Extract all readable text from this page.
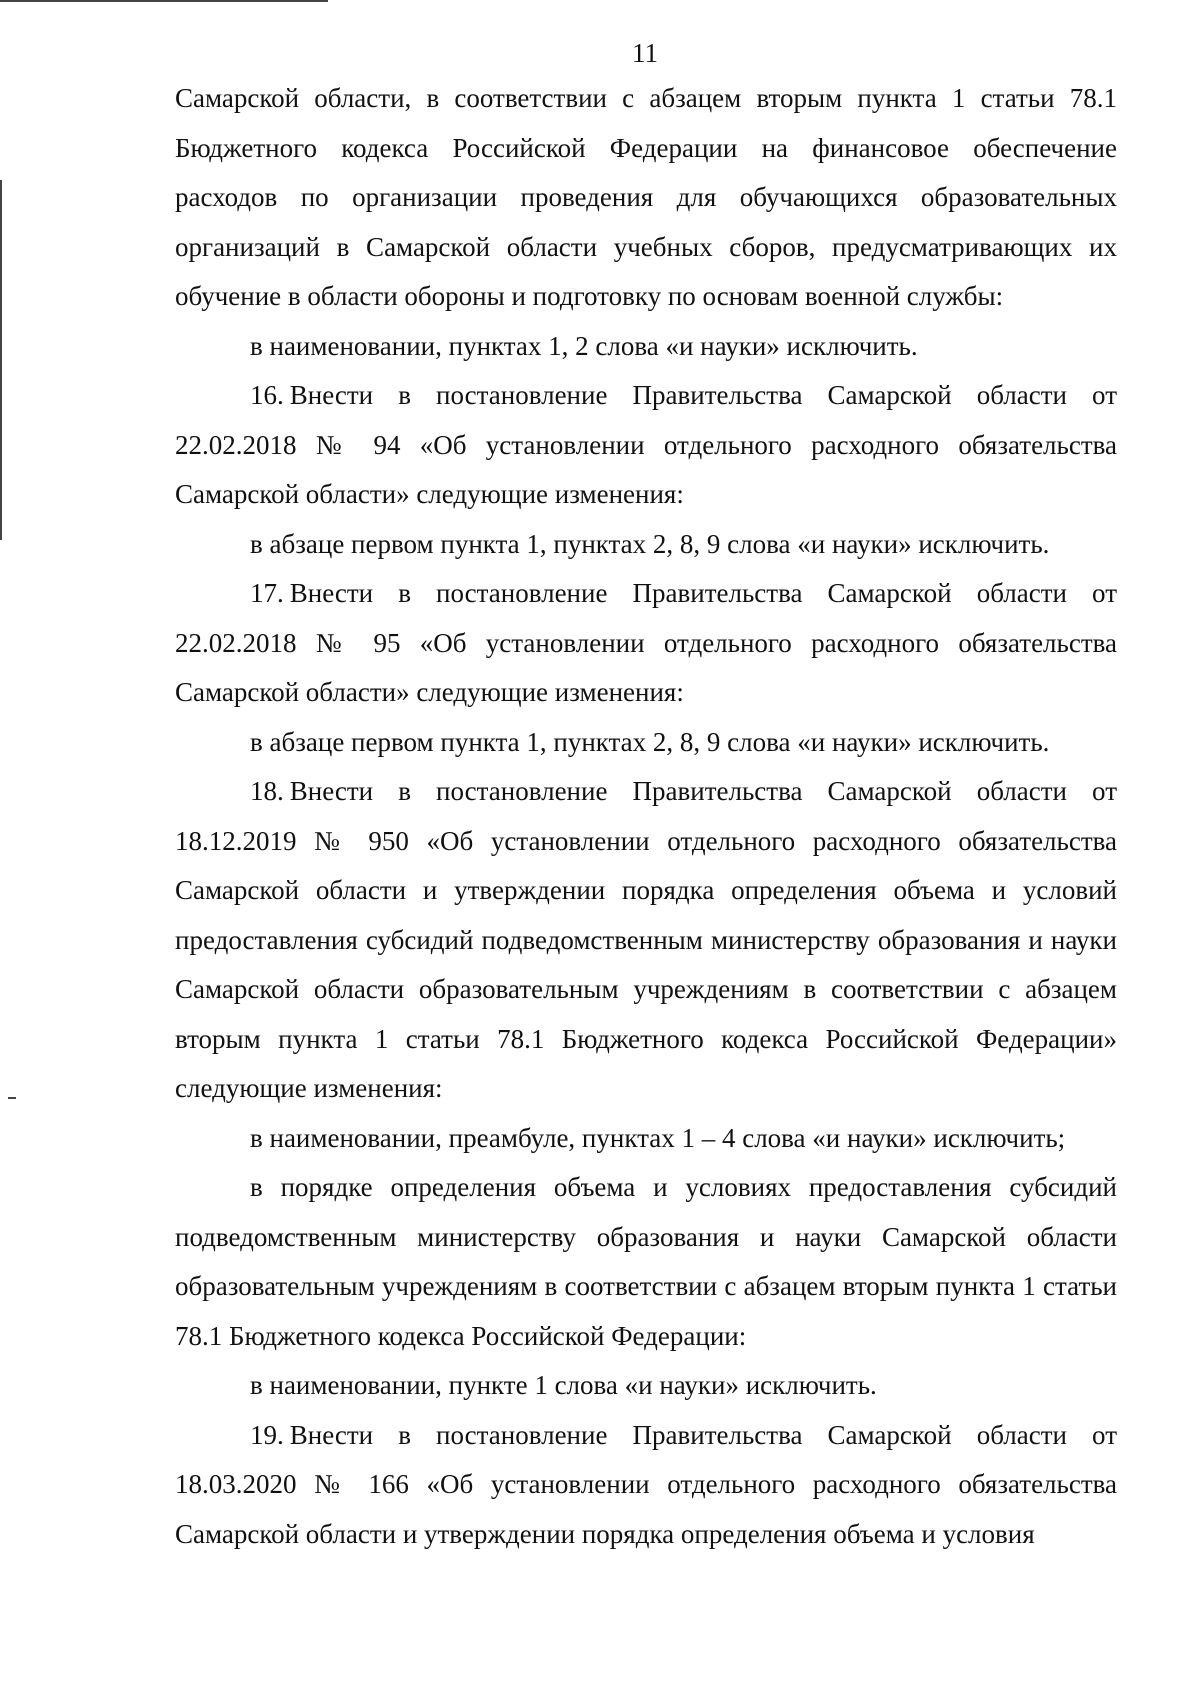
11

Самарской области, в соответствии с абзацем вторым пункта 1 статьи 78.1 Бюджетного кодекса Российской Федерации на финансовое обеспечение расходов по организации проведения для обучающихся образовательных организаций в Самарской области учебных сборов, предусматривающих их обучение в области обороны и подготовку по основам военной службы:

в наименовании, пунктах 1, 2 слова «и науки» исключить.

16. Внести в постановление Правительства Самарской области от 22.02.2018 № 94 «Об установлении отдельного расходного обязательства Самарской области» следующие изменения:

в абзаце первом пункта 1, пунктах 2, 8, 9 слова «и науки» исключить.

17. Внести в постановление Правительства Самарской области от 22.02.2018 № 95 «Об установлении отдельного расходного обязательства Самарской области» следующие изменения:

в абзаце первом пункта 1, пунктах 2, 8, 9 слова «и науки» исключить.

18. Внести в постановление Правительства Самарской области от 18.12.2019 № 950 «Об установлении отдельного расходного обязательства Самарской области и утверждении порядка определения объема и условий предоставления субсидий подведомственным министерству образования и науки Самарской области образовательным учреждениям в соответствии с абзацем вторым пункта 1 статьи 78.1 Бюджетного кодекса Российской Федерации» следующие изменения:

в наименовании, преамбуле, пунктах 1 – 4 слова «и науки» исключить;

в порядке определения объема и условиях предоставления субсидий подведомственным министерству образования и науки Самарской области образовательным учреждениям в соответствии с абзацем вторым пункта 1 статьи 78.1 Бюджетного кодекса Российской Федерации:

в наименовании, пункте 1 слова «и науки» исключить.

19. Внести в постановление Правительства Самарской области от 18.03.2020 № 166 «Об установлении отдельного расходного обязательства Самарской области и утверждении порядка определения объема и условия
